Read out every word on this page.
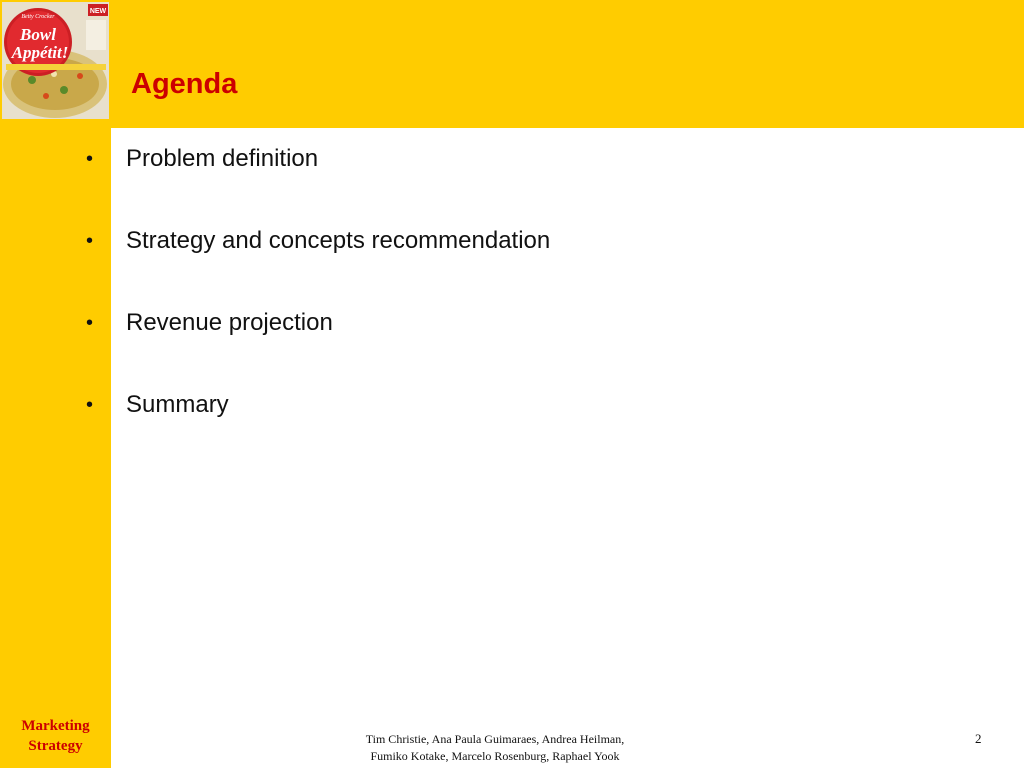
NEW
Betty Crocker
Bowl
Appétit!
Agenda
•	Problem definition
•	Strategy and concepts recommendation
•	Revenue projection
•	Summary
Marketing
Strategy	Tim Christie, Ana Paula Guimaraes, Andrea Heilman,
Fumiko Kotake, Marcelo Rosenburg, Raphael Yook
2
